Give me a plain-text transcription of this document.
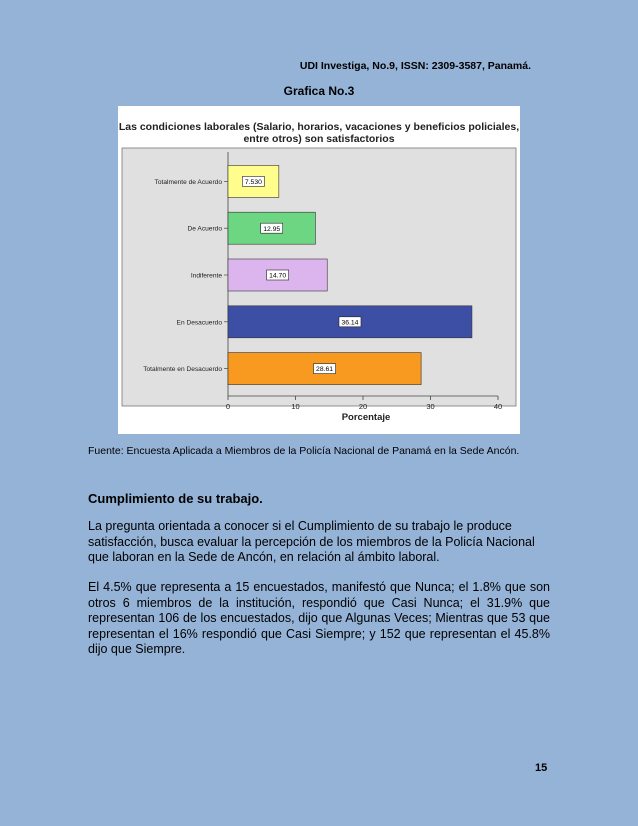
UDI Investiga, No.9, ISSN: 2309-3587, Panamá.
Grafica No.3
Las condiciones laborales (Salario, horarios, vacaciones y beneficios policiales,
entre otros) son satisfactorios
Porcentaje
0	10	20	30	40
Totalmente de Acuerdo	7.530
De Acuerdo	12.95
Indiferente	14.70
En Desacuerdo	36.14
Totalmente en Desacuerdo	28.61
Fuente: Encuesta Aplicada a Miembros de la Policía Nacional de Panamá en la Sede Ancón.
Cumplimiento de su trabajo.

La pregunta orientada a conocer si el Cumplimiento de su trabajo le produce satisfacción, busca evaluar la percepción de los miembros de la Policía Nacional que laboran en la Sede de Ancón, en relación al ámbito laboral.

El 4.5% que representa a 15 encuestados, manifestó que Nunca; el 1.8% que son otros 6 miembros de la institución, respondió que Casi Nunca; el 31.9% que representan 106 de los encuestados, dijo que Algunas Veces; Mientras que 53 que representan el 16% respondió que Casi Siempre; y 152 que representan el 45.8% dijo que Siempre.

15
